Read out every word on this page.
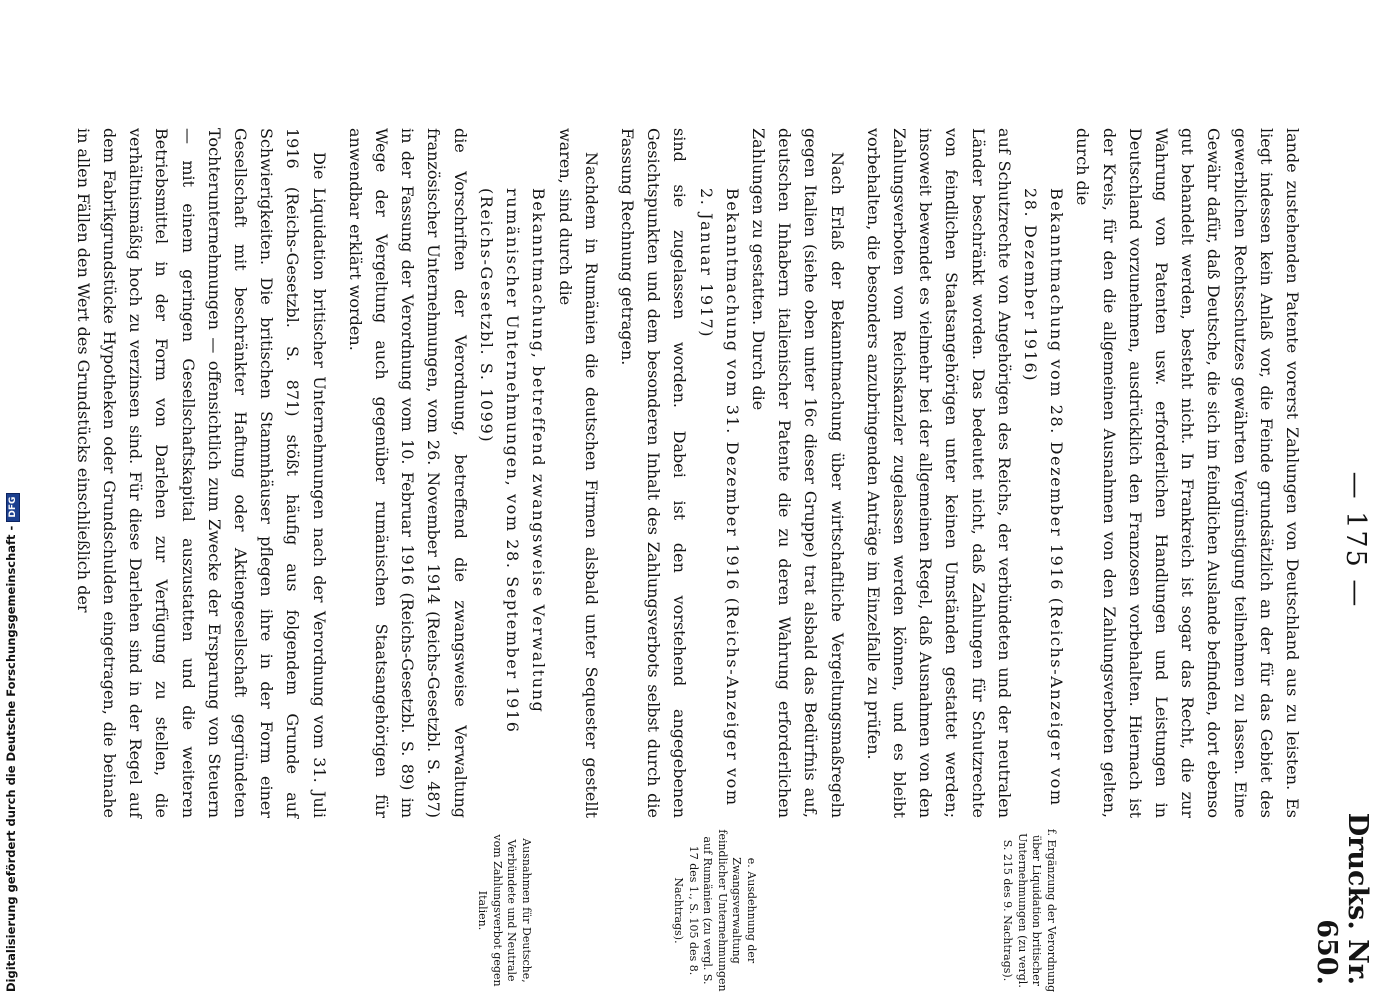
— 175 —
Drucks. Nr. 650.

lande zustehenden Patente vorerst Zahlungen von Deutschland aus zu leisten. Es liegt indessen kein Anlaß vor, die Feinde grundsätzlich an der für das Gebiet des gewerblichen Rechtsschutzes gewährten Vergünstigung teilnehmen zu lassen. Eine Gewähr dafür, daß Deutsche, die sich im feindlichen Auslande befinden, dort ebenso gut behandelt werden, besteht nicht. In Frankreich ist sogar das Recht, die zur Wahrung von Patenten usw. erforderlichen Handlungen und Leistungen in Deutschland vorzunehmen, ausdrücklich den Franzosen vorbehalten. Hiernach ist der Kreis, für den die allgemeinen Ausnahmen von den Zahlungsverboten gelten, durch die

Bekanntmachung vom 28. Dezember 1916 (Reichs-Anzeiger vom 28. Dezember 1916)

auf Schutzrechte von Angehörigen des Reichs, der verbündeten und der neutralen Länder beschränkt worden. Das bedeutet nicht, daß Zahlungen für Schutzrechte von feindlichen Staatsangehörigen unter keinen Umständen gestattet werden; insoweit bewendet es vielmehr bei der allgemeinen Regel, daß Ausnahmen von den Zahlungsverboten vom Reichskanzler zugelassen werden können, und es bleibt vorbehalten, die besonders anzubringenden Anträge im Einzelfalle zu prüfen.

Nach Erlaß der Bekanntmachung über wirtschaftliche Vergeltungsmaßregeln gegen Italien (siehe oben unter 16c dieser Gruppe) trat alsbald das Bedürfnis auf, deutschen Inhabern italienischer Patente die zu deren Wahrung erforderlichen Zahlungen zu gestatten. Durch die

Bekanntmachung vom 31. Dezember 1916 (Reichs-Anzeiger vom 2. Januar 1917)

sind sie zugelassen worden. Dabei ist den vorstehend angegebenen Gesichtspunkten und dem besonderen Inhalt des Zahlungsverbots selbst durch die Fassung Rechnung getragen.

Nachdem in Rumänien die deutschen Firmen alsbald unter Sequester gestellt waren, sind durch die

Bekanntmachung, betreffend zwangsweise Verwaltung rumänischer Unternehmungen, vom 28. September 1916 (Reichs-Gesetzbl. S. 1099)

die Vorschriften der Verordnung, betreffend die zwangsweise Verwaltung französischer Unternehmungen, vom 26. November 1914 (Reichs-Gesetzbl. S. 487) in der Fassung der Verordnung vom 10. Februar 1916 (Reichs-Gesetzbl. S. 89) im Wege der Vergeltung auch gegenüber rumänischen Staatsangehörigen für anwendbar erklärt worden.

Die Liquidation britischer Unternehmungen nach der Verordnung vom 31. Juli 1916 (Reichs-Gesetzbl. S. 871) stößt häufig aus folgendem Grunde auf Schwierigkeiten. Die britischen Stammhäuser pflegen ihre in der Form einer Gesellschaft mit beschränkter Haftung oder Aktiengesellschaft gegründeten Tochterunternehmungen — offensichtlich zum Zwecke der Ersparung von Steuern — mit einem geringen Gesellschaftskapital auszustatten und die weiteren Betriebsmittel in der Form von Darlehen zur Verfügung zu stellen, die verhältnismäßig hoch zu verzinsen sind. Für diese Darlehen sind in der Regel auf dem Fabrikgrundstücke Hypotheken oder Grundschulden eingetragen, die beinahe in allen Fällen den Wert des Grundstücks einschließlich der

Ausnahmen für Deutsche, Verbündete und Neutrale vom Zahlungsverbot gegen Italien.	e. Ausdehnung der Zwangsverwaltung feindlicher Unternehmungen auf Rumänien (zu vergl. S. 17 des 1., S. 105 des 8. Nachtrags).	f. Ergänzung der Verordnung über Liquidation britischer Unternehmungen (zu vergl. S. 215 des 9. Nachtrags).
Digitalisierung gefördert durch die Deutsche Forschungsgemeinschaft -DFG
